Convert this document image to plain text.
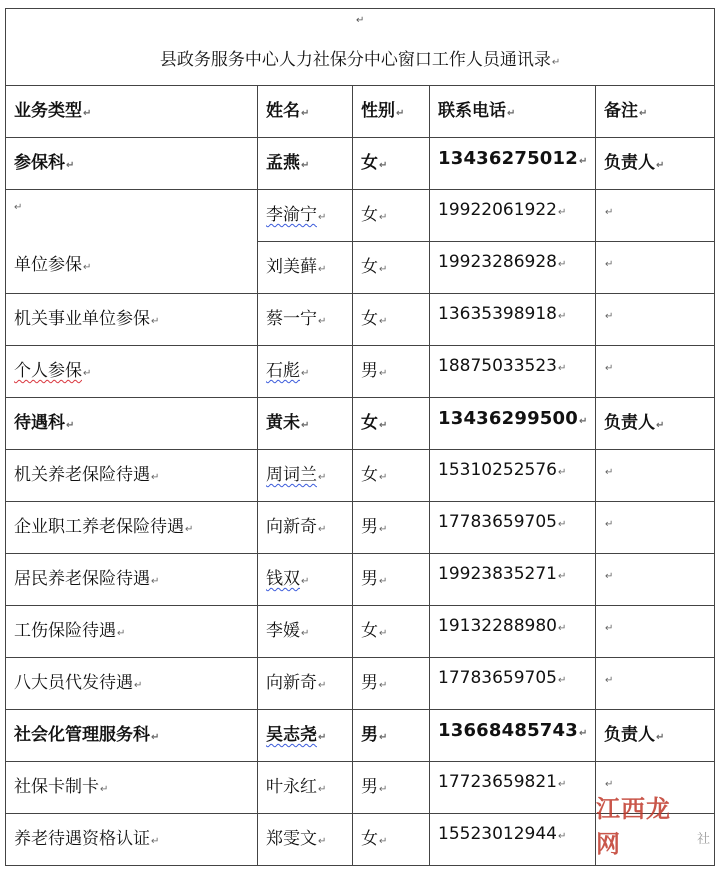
↵
县政务服务中心人力社保分中心窗口工作人员通讯录↵				
业务类型↵	姓名↵	性别↵	联系电话↵	备注↵
参保科↵	孟燕↵	女↵	13436275012↵	负责人↵

↵
单位参保↵	李渝宁↵	女↵	19922061922↵	↵
	刘美藓↵	女↵	19923286928↵	↵
机关事业单位参保↵	蔡一宁↵	女↵	13635398918↵	↵
个人参保↵	石彪↵	男↵	18875033523↵	↵
待遇科↵	黄未↵	女↵	13436299500↵	负责人↵
机关养老保险待遇↵	周词兰↵	女↵	15310252576↵	↵
企业职工养老保险待遇↵	向新奇↵	男↵	17783659705↵	↵
居民养老保险待遇↵	钱双↵	男↵	19923835271↵	↵
工伤保险待遇↵	李媛↵	女↵	19132288980↵	↵
八大员代发待遇↵	向新奇↵	男↵	17783659705↵	↵
社会化管理服务科↵	吴志尧↵	男↵	13668485743↵	负责人↵
社保卡制卡↵	叶永红↵	男↵	17723659821↵	↵
养老待遇资格认证↵	郑雯文↵	女↵	15523012944↵	江西龙网 社
